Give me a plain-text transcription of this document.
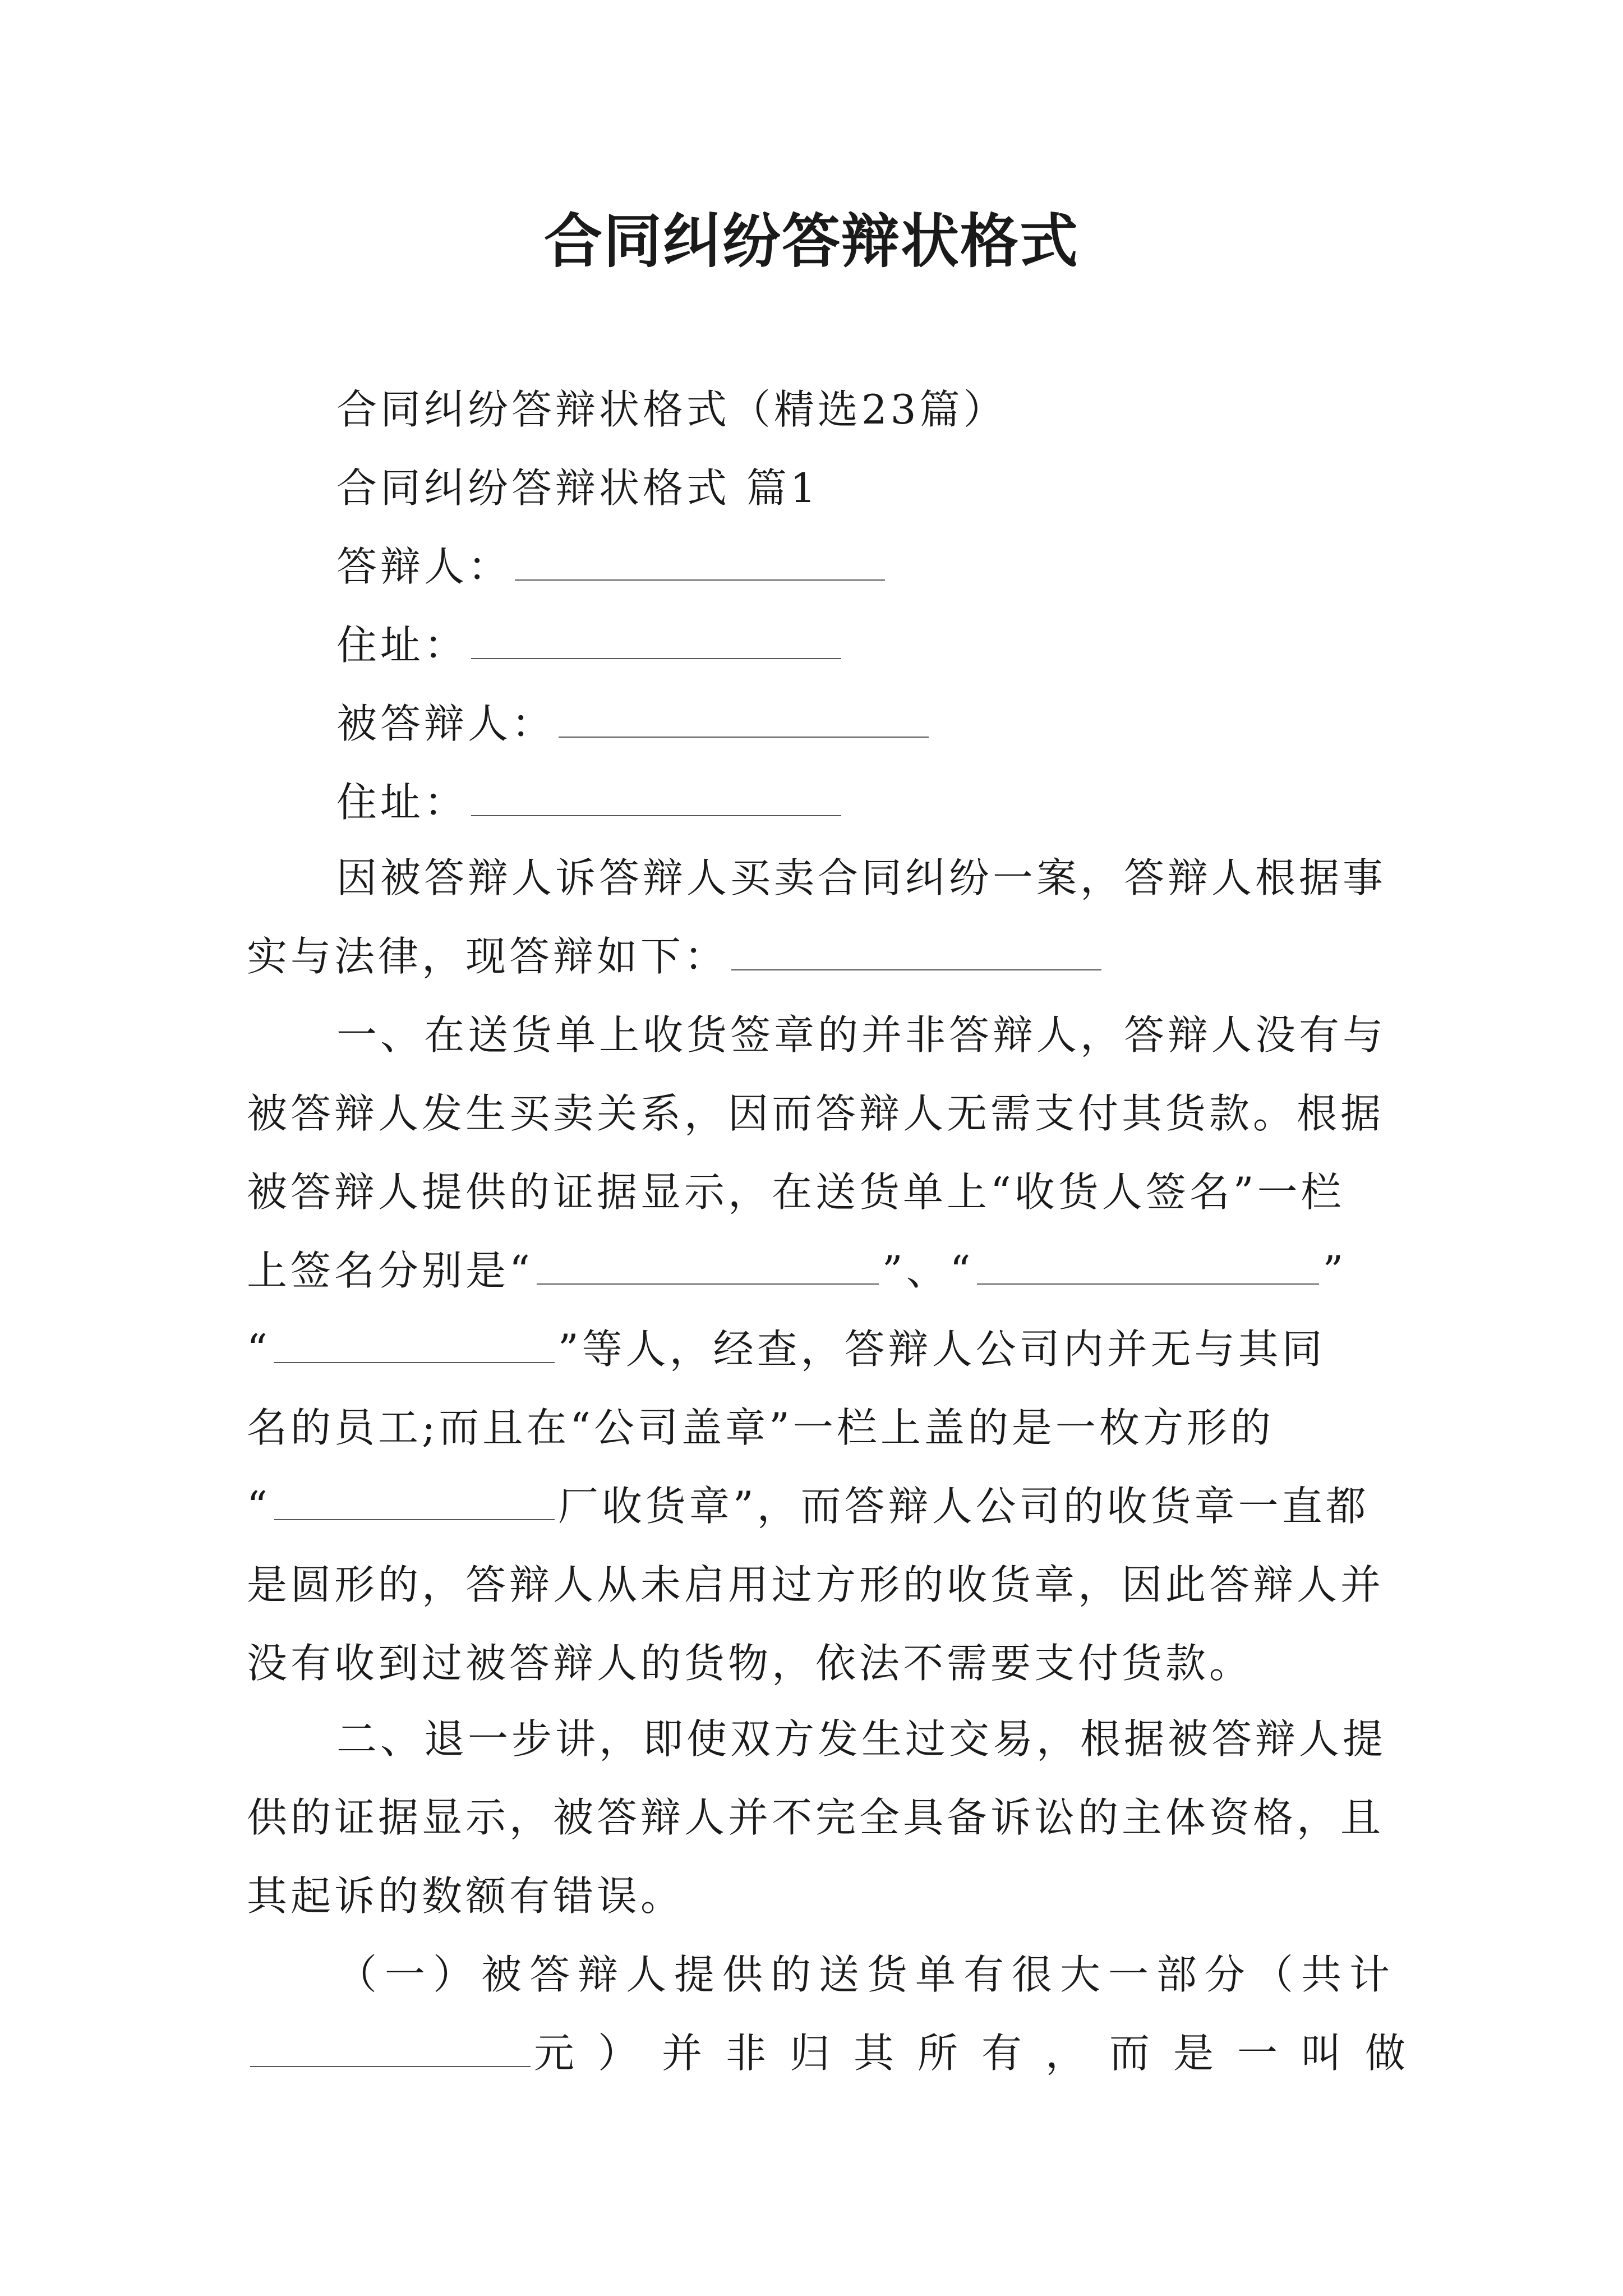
合同纠纷答辩状格式
合同纠纷答辩状格式（精选23篇）
合同纠纷答辩状格式 篇1
答辩人：
住址：
被答辩人：
住址：
因被答辩人诉答辩人买卖合同纠纷一案，答辩人根据事
实与法律，现答辩如下：
一、在送货单上收货签章的并非答辩人，答辩人没有与
被答辩人发生买卖关系，因而答辩人无需支付其货款。根据
被答辩人提供的证据显示，在送货单上“收货人签名”一栏
上签名分别是“	”、“	”
“	”等人，经查，答辩人公司内并无与其同
名的员工;而且在“公司盖章”一栏上盖的是一枚方形的
“	厂收货章”，而答辩人公司的收货章一直都
是圆形的，答辩人从未启用过方形的收货章，因此答辩人并
没有收到过被答辩人的货物，依法不需要支付货款。
二、退一步讲，即使双方发生过交易，根据被答辩人提
供的证据显示，被答辩人并不完全具备诉讼的主体资格，且
其起诉的数额有错误。
（一）被答辩人提供的送货单有很大一部分（共计
元）并非归其所有，而是一叫做
